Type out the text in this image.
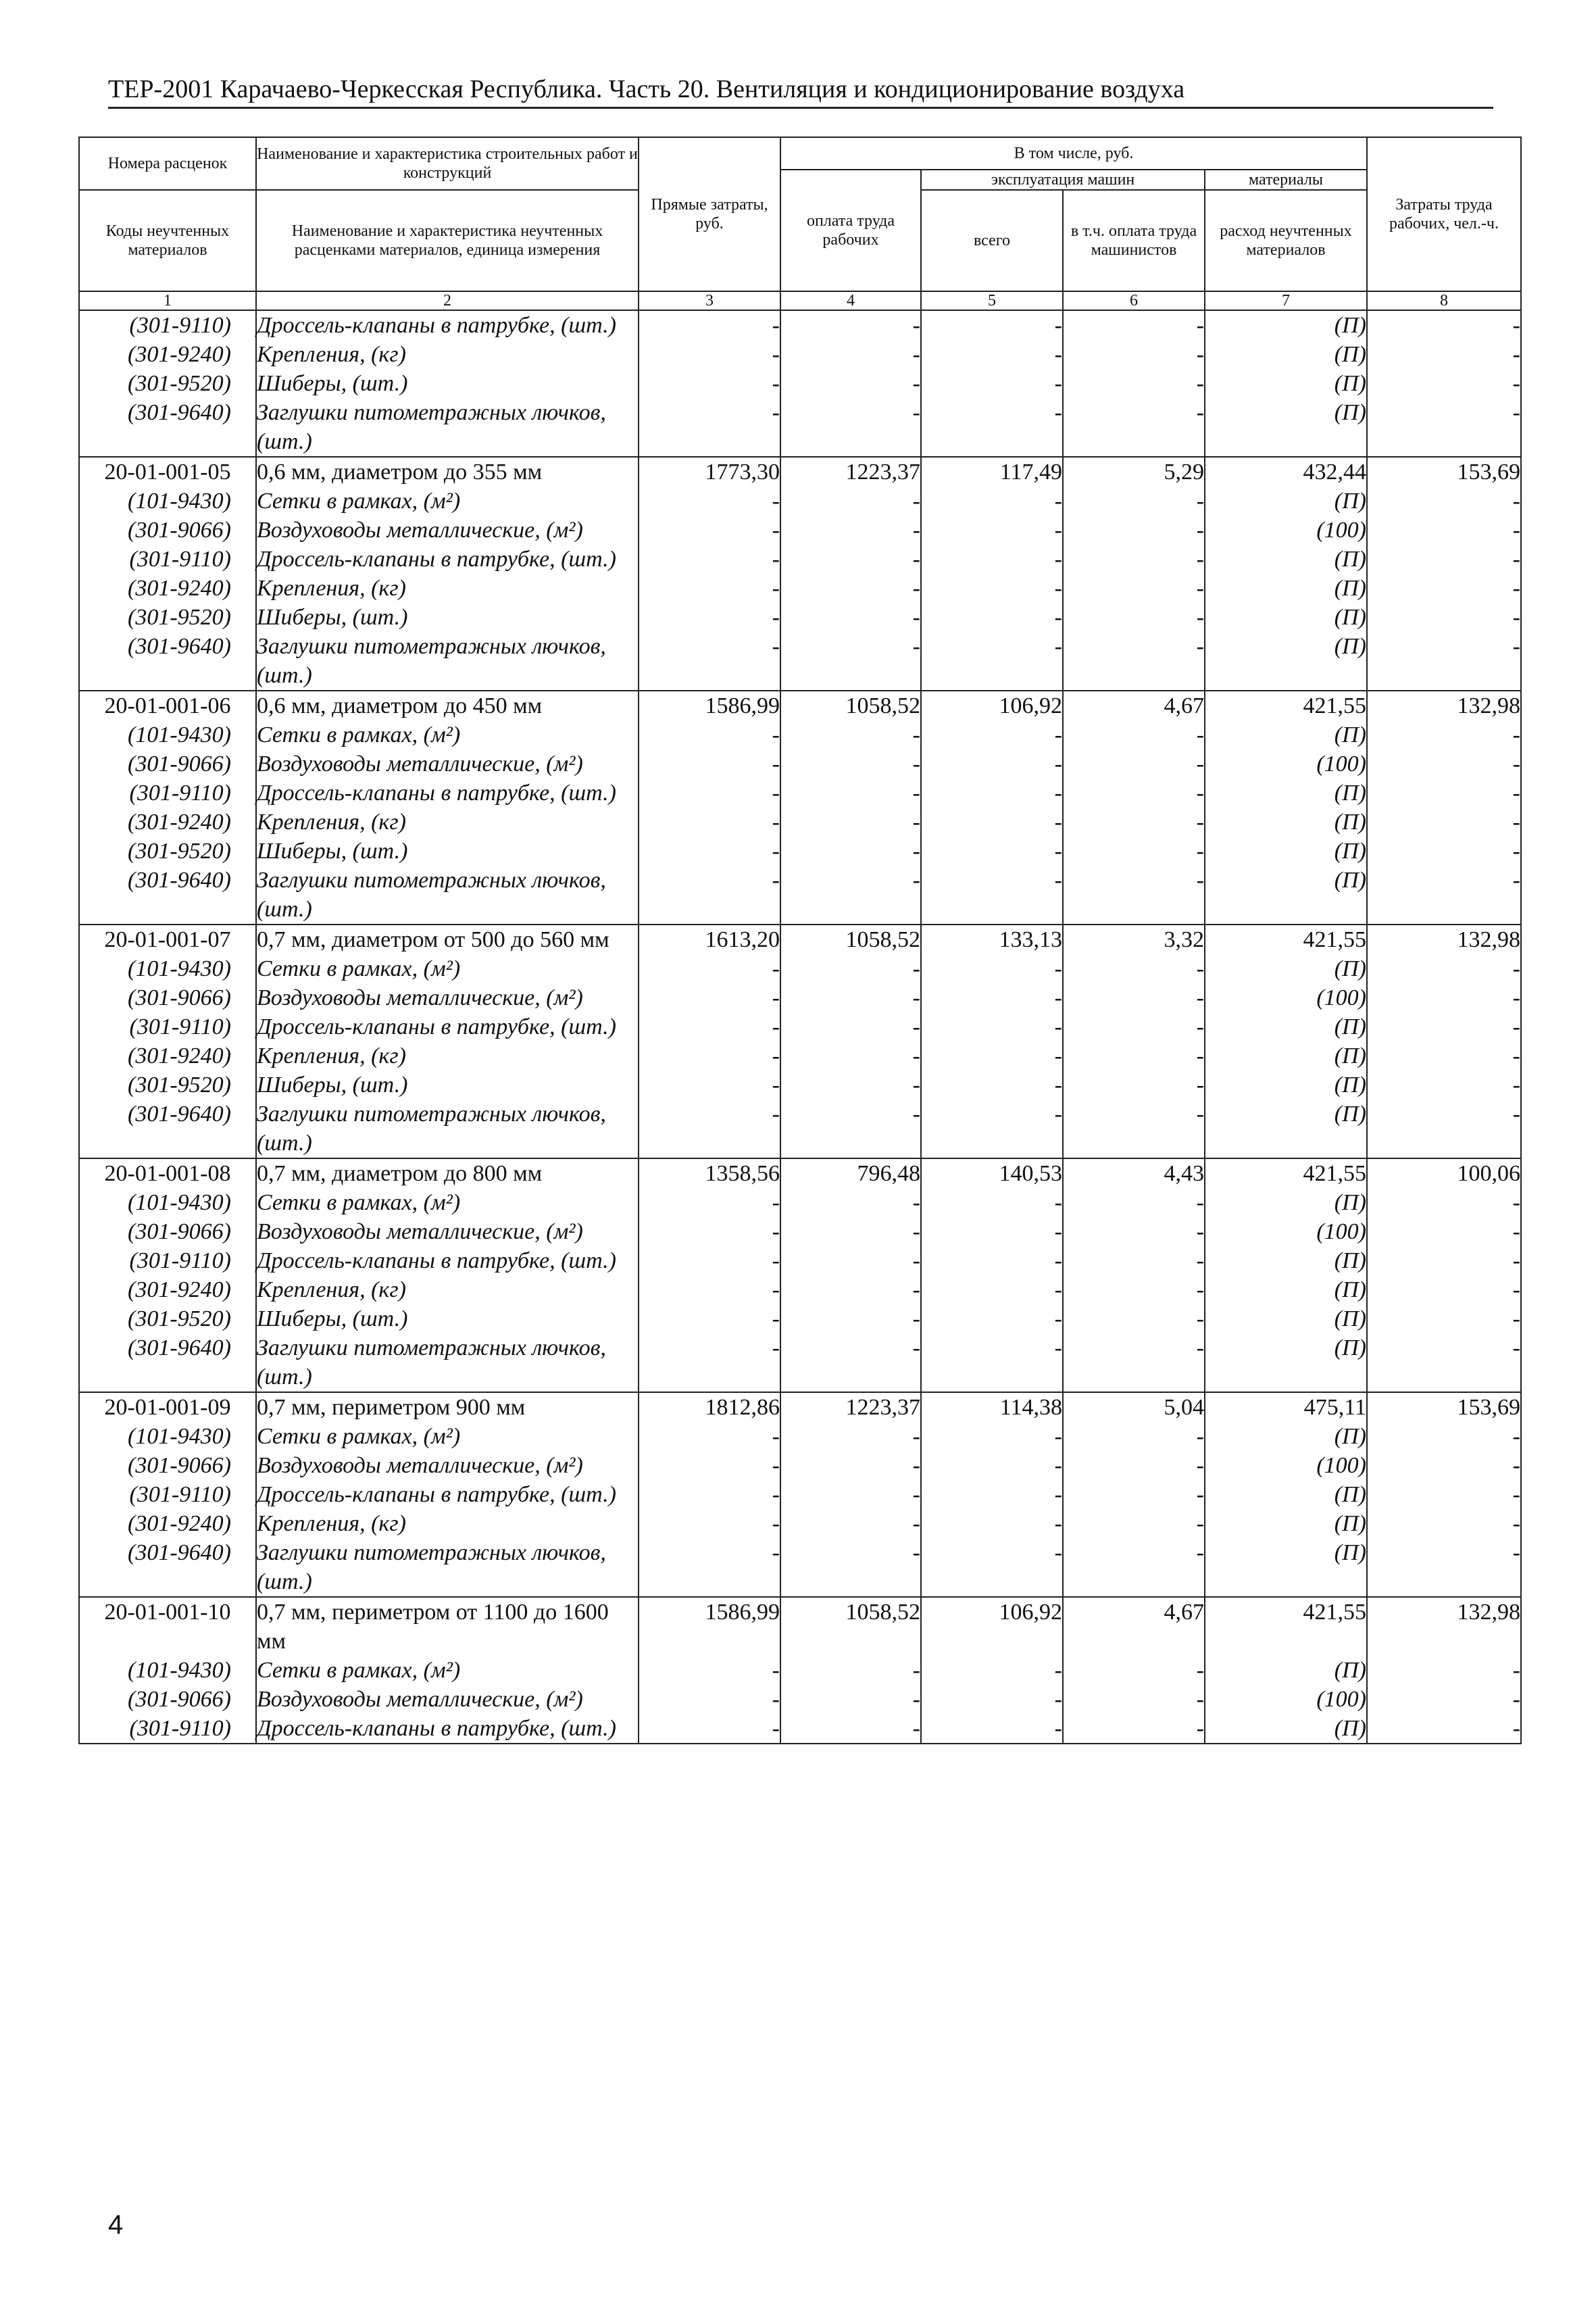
ТЕР-2001 Карачаево-Черкесская Республика. Часть 20. Вентиляция и кондиционирование воздуха
Номера расценок	Наименование и характеристика строительных работ и конструкций	Прямые затраты, руб.	В том числе, руб.				Затраты труда рабочих, чел.-ч.
			оплата труда рабочих	эксплуатация машин		материалы	
Коды неучтенных материалов	Наименование и характеристика неучтенных расценками материалов, единица измерения			всего	в т.ч. оплата труда машинистов	расход неучтенных материалов	

1	2	3	4	5	6	7	8
(301-9110)	Дроссель-клапаны в патрубке, (шт.)	-	-	-	-	(П)	-
(301-9240)	Крепления, (кг)	-	-	-	-	(П)	-
(301-9520)	Шиберы, (шт.)	-	-	-	-	(П)	-
(301-9640)	Заглушки питометражных лючков, (шт.)	-	-	-	-	(П)	-
20-01-001-05	0,6 мм, диаметром до 355 мм	1773,30	1223,37	117,49	5,29	432,44	153,69
(101-9430)	Сетки в рамках, (м²)	-	-	-	-	(П)	-
(301-9066)	Воздуховоды металлические, (м²)	-	-	-	-	(100)	-
(301-9110)	Дроссель-клапаны в патрубке, (шт.)	-	-	-	-	(П)	-
(301-9240)	Крепления, (кг)	-	-	-	-	(П)	-
(301-9520)	Шиберы, (шт.)	-	-	-	-	(П)	-
(301-9640)	Заглушки питометражных лючков, (шт.)	-	-	-	-	(П)	-
20-01-001-06	0,6 мм, диаметром до 450 мм	1586,99	1058,52	106,92	4,67	421,55	132,98
(101-9430)	Сетки в рамках, (м²)	-	-	-	-	(П)	-
(301-9066)	Воздуховоды металлические, (м²)	-	-	-	-	(100)	-
(301-9110)	Дроссель-клапаны в патрубке, (шт.)	-	-	-	-	(П)	-
(301-9240)	Крепления, (кг)	-	-	-	-	(П)	-
(301-9520)	Шиберы, (шт.)	-	-	-	-	(П)	-
(301-9640)	Заглушки питометражных лючков, (шт.)	-	-	-	-	(П)	-
20-01-001-07	0,7 мм, диаметром от 500 до 560 мм	1613,20	1058,52	133,13	3,32	421,55	132,98
(101-9430)	Сетки в рамках, (м²)	-	-	-	-	(П)	-
(301-9066)	Воздуховоды металлические, (м²)	-	-	-	-	(100)	-
(301-9110)	Дроссель-клапаны в патрубке, (шт.)	-	-	-	-	(П)	-
(301-9240)	Крепления, (кг)	-	-	-	-	(П)	-
(301-9520)	Шиберы, (шт.)	-	-	-	-	(П)	-
(301-9640)	Заглушки питометражных лючков, (шт.)	-	-	-	-	(П)	-
20-01-001-08	0,7 мм, диаметром до 800 мм	1358,56	796,48	140,53	4,43	421,55	100,06
(101-9430)	Сетки в рамках, (м²)	-	-	-	-	(П)	-
(301-9066)	Воздуховоды металлические, (м²)	-	-	-	-	(100)	-
(301-9110)	Дроссель-клапаны в патрубке, (шт.)	-	-	-	-	(П)	-
(301-9240)	Крепления, (кг)	-	-	-	-	(П)	-
(301-9520)	Шиберы, (шт.)	-	-	-	-	(П)	-
(301-9640)	Заглушки питометражных лючков, (шт.)	-	-	-	-	(П)	-
20-01-001-09	0,7 мм, периметром 900 мм	1812,86	1223,37	114,38	5,04	475,11	153,69
(101-9430)	Сетки в рамках, (м²)	-	-	-	-	(П)	-
(301-9066)	Воздуховоды металлические, (м²)	-	-	-	-	(100)	-
(301-9110)	Дроссель-клапаны в патрубке, (шт.)	-	-	-	-	(П)	-
(301-9240)	Крепления, (кг)	-	-	-	-	(П)	-
(301-9640)	Заглушки питометражных лючков, (шт.)	-	-	-	-	(П)	-
20-01-001-10	0,7 мм, периметром от 1100 до 1600 мм	1586,99	1058,52	106,92	4,67	421,55	132,98
(101-9430)	Сетки в рамках, (м²)	-	-	-	-	(П)	-
(301-9066)	Воздуховоды металлические, (м²)	-	-	-	-	(100)	-
(301-9110)	Дроссель-клапаны в патрубке, (шт.)	-	-	-	-	(П)	-
4
